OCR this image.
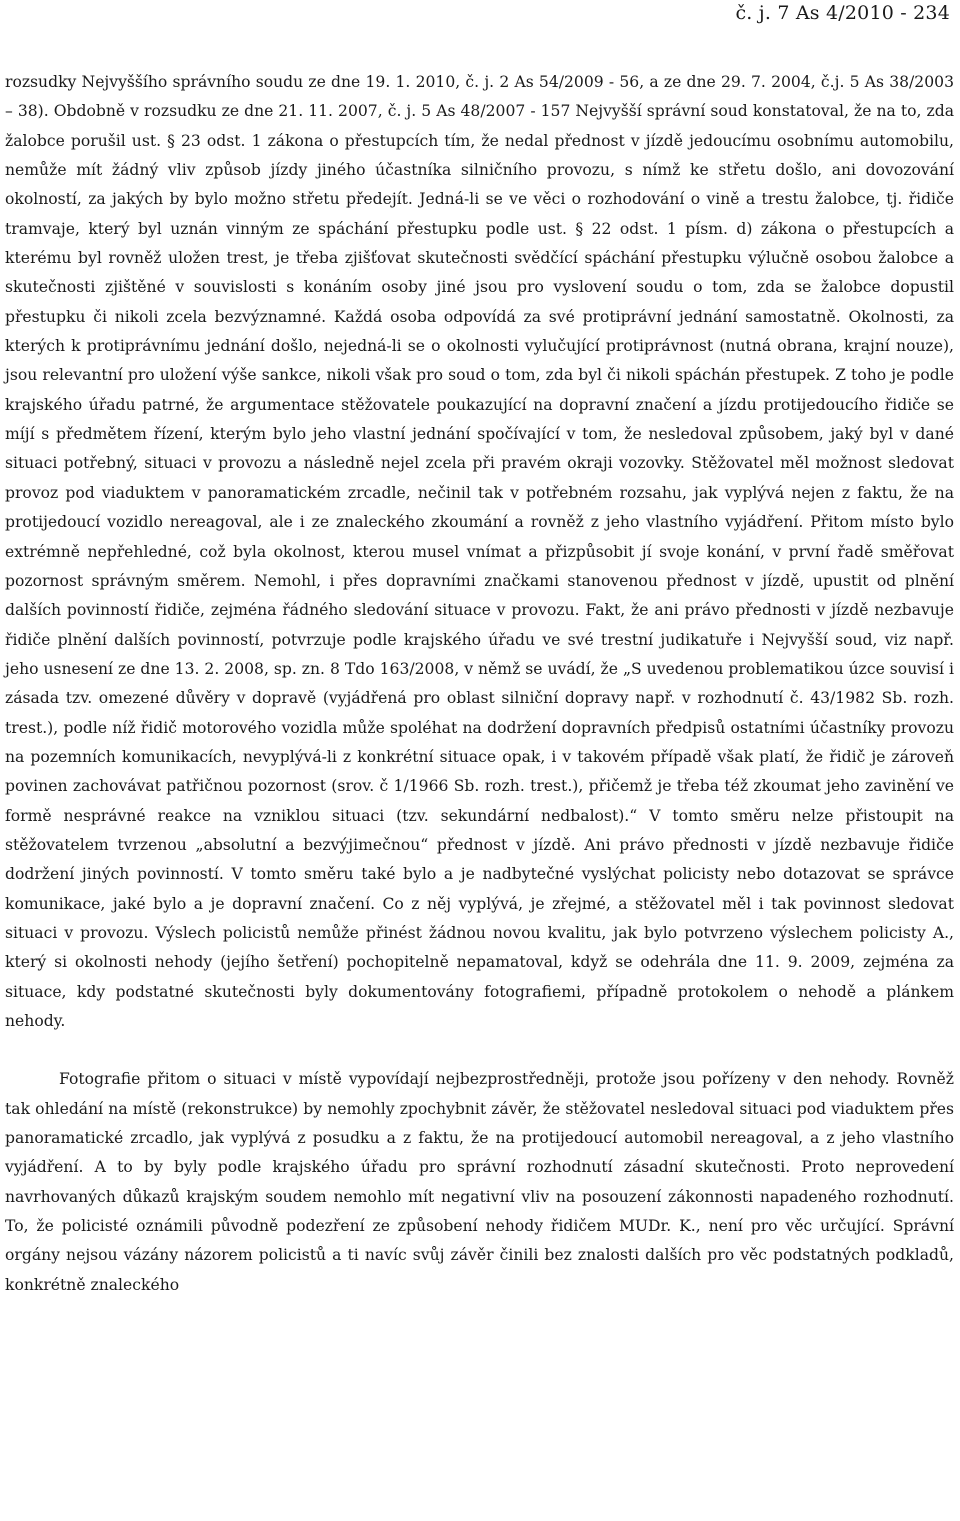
č. j. 7 As 4/2010 - 234

rozsudky Nejvyššího správního soudu ze dne 19. 1. 2010, č. j. 2 As 54/2009 - 56, a ze dne 29. 7. 2004, č.j. 5 As 38/2003 – 38). Obdobně v rozsudku ze dne 21. 11. 2007, č. j. 5 As 48/2007 - 157 Nejvyšší správní soud konstatoval, že na to, zda žalobce porušil ust. § 23 odst. 1 zákona o přestupcích tím, že nedal přednost v jízdě jedoucímu osobnímu automobilu, nemůže mít žádný vliv způsob jízdy jiného účastníka silničního provozu, s nímž ke střetu došlo, ani dovozování okolností, za jakých by bylo možno střetu předejít. Jedná-li se ve věci o rozhodování o vině a trestu žalobce, tj. řidiče tramvaje, který byl uznán vinným ze spáchání přestupku podle ust. § 22 odst. 1 písm. d) zákona o přestupcích a kterému byl rovněž uložen trest, je třeba zjišťovat skutečnosti svědčící spáchání přestupku výlučně osobou žalobce a skutečnosti zjištěné v souvislosti s konáním osoby jiné jsou pro vyslovení soudu o tom, zda se žalobce dopustil přestupku či nikoli zcela bezvýznamné. Každá osoba odpovídá za své protiprávní jednání samostatně. Okolnosti, za kterých k protiprávnímu jednání došlo, nejedná-li se o okolnosti vylučující protiprávnost (nutná obrana, krajní nouze), jsou relevantní pro uložení výše sankce, nikoli však pro soud o tom, zda byl či nikoli spáchán přestupek. Z toho je podle krajského úřadu patrné, že argumentace stěžovatele poukazující na dopravní značení a jízdu protijedoucího řidiče se míjí s předmětem řízení, kterým bylo jeho vlastní jednání spočívající v tom, že nesledoval způsobem, jaký byl v dané situaci potřebný, situaci v provozu a následně nejel zcela při pravém okraji vozovky. Stěžovatel měl možnost sledovat provoz pod viaduktem v panoramatickém zrcadle, nečinil tak v potřebném rozsahu, jak vyplývá nejen z faktu, že na protijedoucí vozidlo nereagoval, ale i ze znaleckého zkoumání a rovněž z jeho vlastního vyjádření. Přitom místo bylo extrémně nepřehledné, což byla okolnost, kterou musel vnímat a přizpůsobit jí svoje konání, v první řadě směřovat pozornost správným směrem. Nemohl, i přes dopravními značkami stanovenou přednost v jízdě, upustit od plnění dalších povinností řidiče, zejména řádného sledování situace v provozu. Fakt, že ani právo přednosti v jízdě nezbavuje řidiče plnění dalších povinností, potvrzuje podle krajského úřadu ve své trestní judikatuře i Nejvyšší soud, viz např. jeho usnesení ze dne 13. 2. 2008, sp. zn. 8 Tdo 163/2008, v němž se uvádí, že „S uvedenou problematikou úzce souvisí i zásada tzv. omezené důvěry v dopravě (vyjádřená pro oblast silniční dopravy např. v rozhodnutí č. 43/1982 Sb. rozh. trest.), podle níž řidič motorového vozidla může spoléhat na dodržení dopravních předpisů ostatními účastníky provozu na pozemních komunikacích, nevyplývá-li z konkrétní situace opak, i v takovém případě však platí, že řidič je zároveň povinen zachovávat patřičnou pozornost (srov. č 1/1966 Sb. rozh. trest.), přičemž je třeba též zkoumat jeho zavinění ve formě nesprávné reakce na vzniklou situaci (tzv. sekundární nedbalost).“ V tomto směru nelze přistoupit na stěžovatelem tvrzenou „absolutní a bezvýjimečnou“ přednost v jízdě. Ani právo přednosti v jízdě nezbavuje řidiče dodržení jiných povinností. V tomto směru také bylo a je nadbytečné vyslýchat policisty nebo dotazovat se správce komunikace, jaké bylo a je dopravní značení. Co z něj vyplývá, je zřejmé, a stěžovatel měl i tak povinnost sledovat situaci v provozu. Výslech policistů nemůže přinést žádnou novou kvalitu, jak bylo potvrzeno výslechem policisty A., který si okolnosti nehody (jejího šetření) pochopitelně nepamatoval, když se odehrála dne 11. 9. 2009, zejména za situace, kdy podstatné skutečnosti byly dokumentovány fotografiemi, případně protokolem o nehodě a plánkem nehody.

Fotografie přitom o situaci v místě vypovídají nejbezprostředněji, protože jsou pořízeny v den nehody. Rovněž tak ohledání na místě (rekonstrukce) by nemohly zpochybnit závěr, že stěžovatel nesledoval situaci pod viaduktem přes panoramatické zrcadlo, jak vyplývá z posudku a z faktu, že na protijedoucí automobil nereagoval, a z jeho vlastního vyjádření. A to by byly podle krajského úřadu pro správní rozhodnutí zásadní skutečnosti. Proto neprovedení navrhovaných důkazů krajským soudem nemohlo mít negativní vliv na posouzení zákonnosti napadeného rozhodnutí. To, že policisté oznámili původně podezření ze způsobení nehody řidičem MUDr. K., není pro věc určující. Správní orgány nejsou vázány názorem policistů a ti navíc svůj závěr činili bez znalosti dalších pro věc podstatných podkladů, konkrétně znaleckého
